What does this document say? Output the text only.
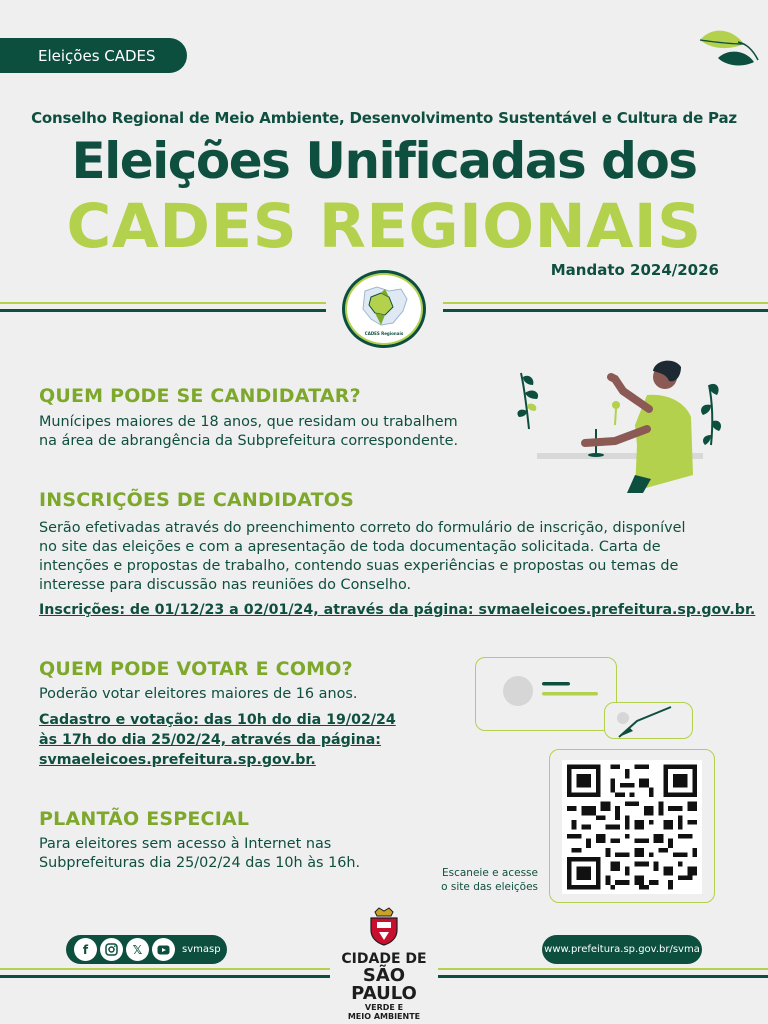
Eleições CADES
Conselho Regional de Meio Ambiente, Desenvolvimento Sustentável e Cultura de Paz
Eleições Unificadas dos
CADES REGIONAIS
Mandato 2024/2026
CADES Regionais
QUEM PODE SE CANDIDATAR?
Munícipes maiores de 18 anos, que residam ou trabalhem
na área de abrangência da Subprefeitura correspondente.
INSCRIÇÕES DE CANDIDATOS
Serão efetivadas através do preenchimento correto do formulário de inscrição, disponível
no site das eleições e com a apresentação de toda documentação solicitada. Carta de
intenções e propostas de trabalho, contendo suas experiências e propostas ou temas de
interesse para discussão nas reuniões do Conselho.
Inscrições: de 01/12/23 a 02/01/24, através da página: svmaeleicoes.prefeitura.sp.gov.br.
QUEM PODE VOTAR E COMO?
Poderão votar eleitores maiores de 16 anos.
Cadastro e votação: das 10h do dia 19/02/24
às 17h do dia 25/02/24, através da página:
svmaeleicoes.prefeitura.sp.gov.br.
PLANTÃO ESPECIAL
Para eleitores sem acesso à Internet nas
Subprefeituras dia 25/02/24 das 10h às 16h.
Escaneie e acesse
o site das eleições
f	𝕏	svmasp
CIDADE DE
SÃO PAULO
VERDE E
MEIO AMBIENTE
www.prefeitura.sp.gov.br/svma
